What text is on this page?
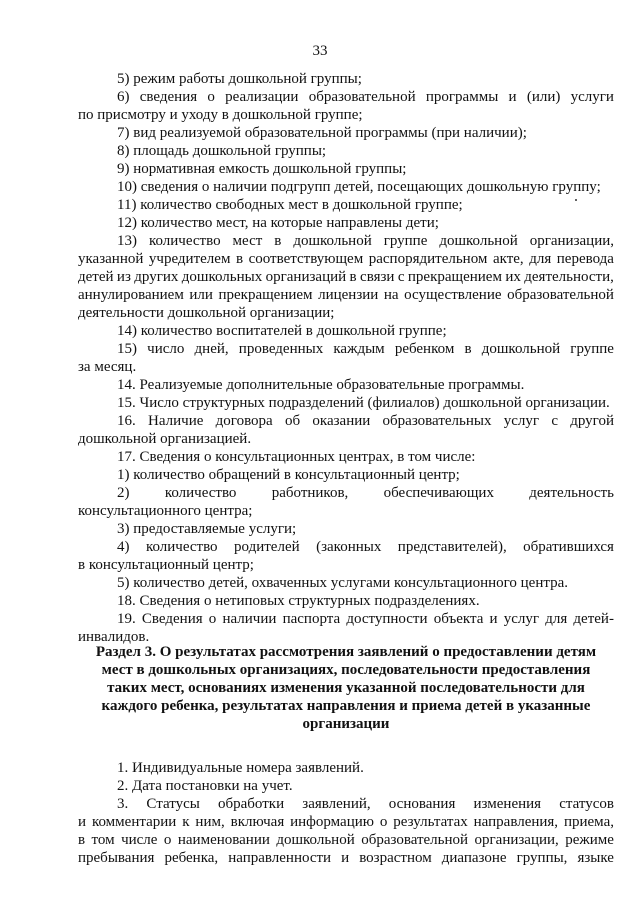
33
5) режим работы дошкольной группы;
6) сведения о реализации образовательной программы и (или) услуги
по присмотру и уходу в дошкольной группе;
7) вид реализуемой образовательной программы (при наличии);
8) площадь дошкольной группы;
9) нормативная емкость дошкольной группы;
10) сведения о наличии подгрупп детей, посещающих дошкольную группу;
11) количество свободных мест в дошкольной группе;
12) количество мест, на которые направлены дети;
13) количество мест в дошкольной группе дошкольной организации,
указанной учредителем в соответствующем распорядительном акте, для перевода
детей из других дошкольных организаций в связи с прекращением их деятельности,
аннулированием или прекращением лицензии на осуществление образовательной
деятельности дошкольной организации;
14) количество воспитателей в дошкольной группе;
15) число дней, проведенных каждым ребенком в дошкольной группе
за месяц.
14. Реализуемые дополнительные образовательные программы.
15. Число структурных подразделений (филиалов) дошкольной организации.
16. Наличие договора об оказании образовательных услуг с другой
дошкольной организацией.
17. Сведения о консультационных центрах, в том числе:
1) количество обращений в консультационный центр;
2) количество работников, обеспечивающих деятельность
консультационного центра;
3) предоставляемые услуги;
4) количество родителей (законных представителей), обратившихся
в консультационный центр;
5) количество детей, охваченных услугами консультационного центра.
18. Сведения о нетиповых структурных подразделениях.
19. Сведения о наличии паспорта доступности объекта и услуг для детей-
инвалидов.
Раздел 3. О результатах рассмотрения заявлений о предоставлении детям
мест в дошкольных организациях, последовательности предоставления
таких мест, основаниях изменения указанной последовательности для
каждого ребенка, результатах направления и приема детей в указанные
организации
1. Индивидуальные номера заявлений.
2. Дата постановки на учет.
3. Статусы обработки заявлений, основания изменения статусов
и комментарии к ним, включая информацию о результатах направления, приема,
в том числе о наименовании дошкольной образовательной организации, режиме
пребывания ребенка, направленности и возрастном диапазоне группы, языке
